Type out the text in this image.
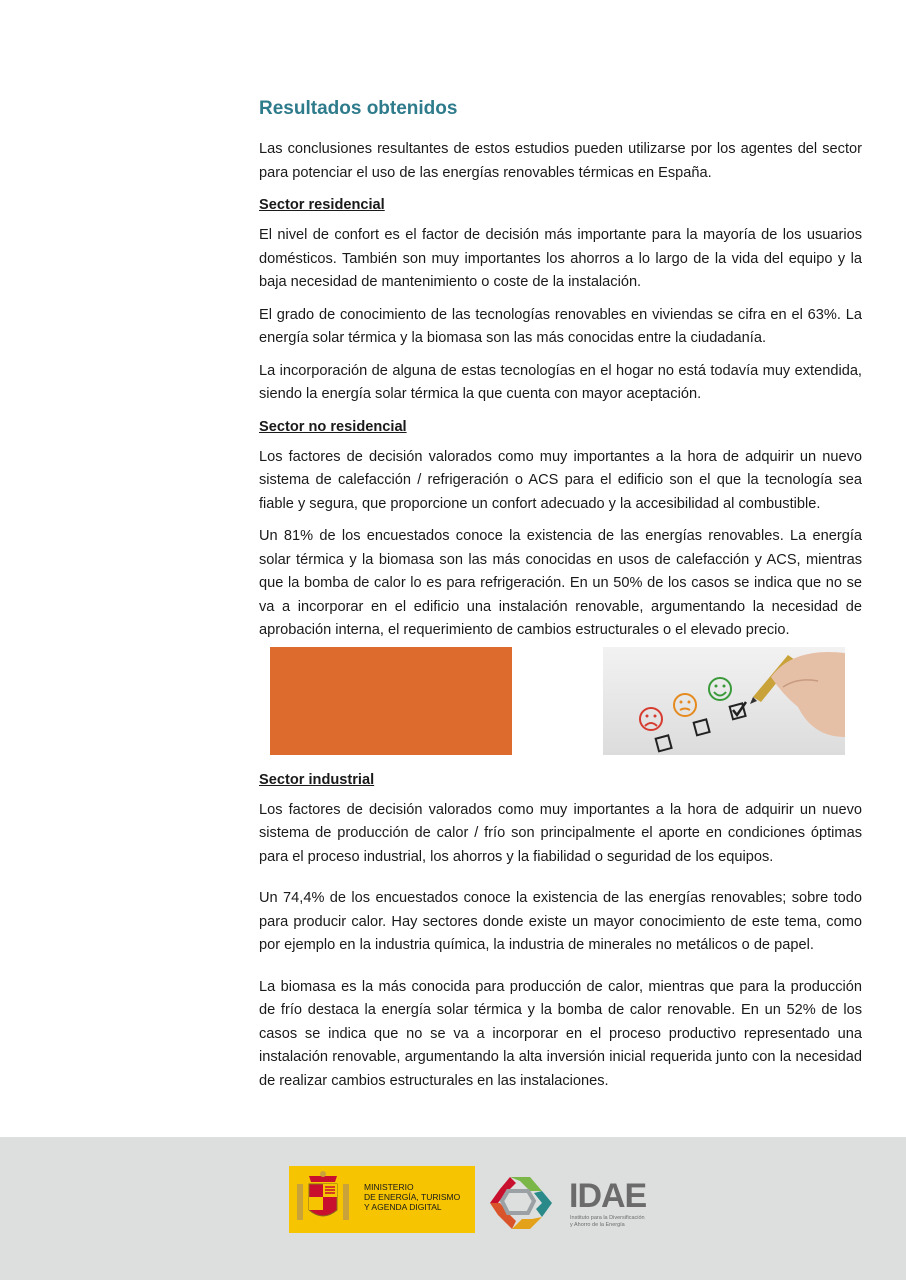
Resultados obtenidos

Las conclusiones resultantes de estos estudios pueden utilizarse por los agentes del sector para potenciar el uso de las energías renovables térmicas en España.

Sector residencial

El nivel de confort es el factor de decisión más importante para la mayoría de los usuarios domésticos. También son muy importantes los ahorros a lo largo de la vida del equipo y la baja necesidad de mantenimiento o coste de la instalación.

El grado de conocimiento de las tecnologías renovables en viviendas se cifra en el 63%. La energía solar térmica y la biomasa son las más conocidas entre la ciudadanía.

La incorporación de alguna de estas tecnologías en el hogar no está todavía muy extendida, siendo la energía solar térmica la que cuenta con mayor aceptación.

Sector no residencial

Los factores de decisión valorados como muy importantes a la hora de adquirir un nuevo sistema de calefacción / refrigeración o ACS para el edificio son el que la tecnología sea fiable y segura, que proporcione un confort adecuado y la accesibilidad al combustible.

Un 81% de los encuestados conoce la existencia de las energías renovables. La energía solar térmica y la biomasa son las más conocidas en usos de calefacción y ACS, mientras que la bomba de calor lo es para refrigeración. En un 50% de los casos se indica que no se va a incorporar en el edificio una instalación renovable, argumentando la necesidad de aprobación interna, el requerimiento de cambios estructurales o el elevado precio.

Sector industrial

Los factores de decisión valorados como muy importantes a la hora de adquirir un nuevo sistema de producción de calor / frío son principalmente el aporte en condiciones óptimas para el proceso industrial, los ahorros y la fiabilidad o seguridad de los equipos.

Un 74,4% de los encuestados conoce la existencia de las energías renovables; sobre todo para producir calor. Hay sectores donde existe un mayor conocimiento de este tema, como por ejemplo en la industria química, la industria de minerales no metálicos o de papel.

La biomasa es la más conocida para producción de calor, mientras que para la producción de frío destaca la energía solar térmica y la bomba de calor renovable. En un 52% de los casos se indica que no se va a incorporar en el proceso productivo representado una instalación renovable, argumentando la alta inversión inicial requerida junto con la necesidad de realizar cambios estructurales en las instalaciones.

MINISTERIO
DE ENERGÍA, TURISMO
Y AGENDA DIGITAL	IDAE
Instituto para la Diversificación
y Ahorro de la Energía
